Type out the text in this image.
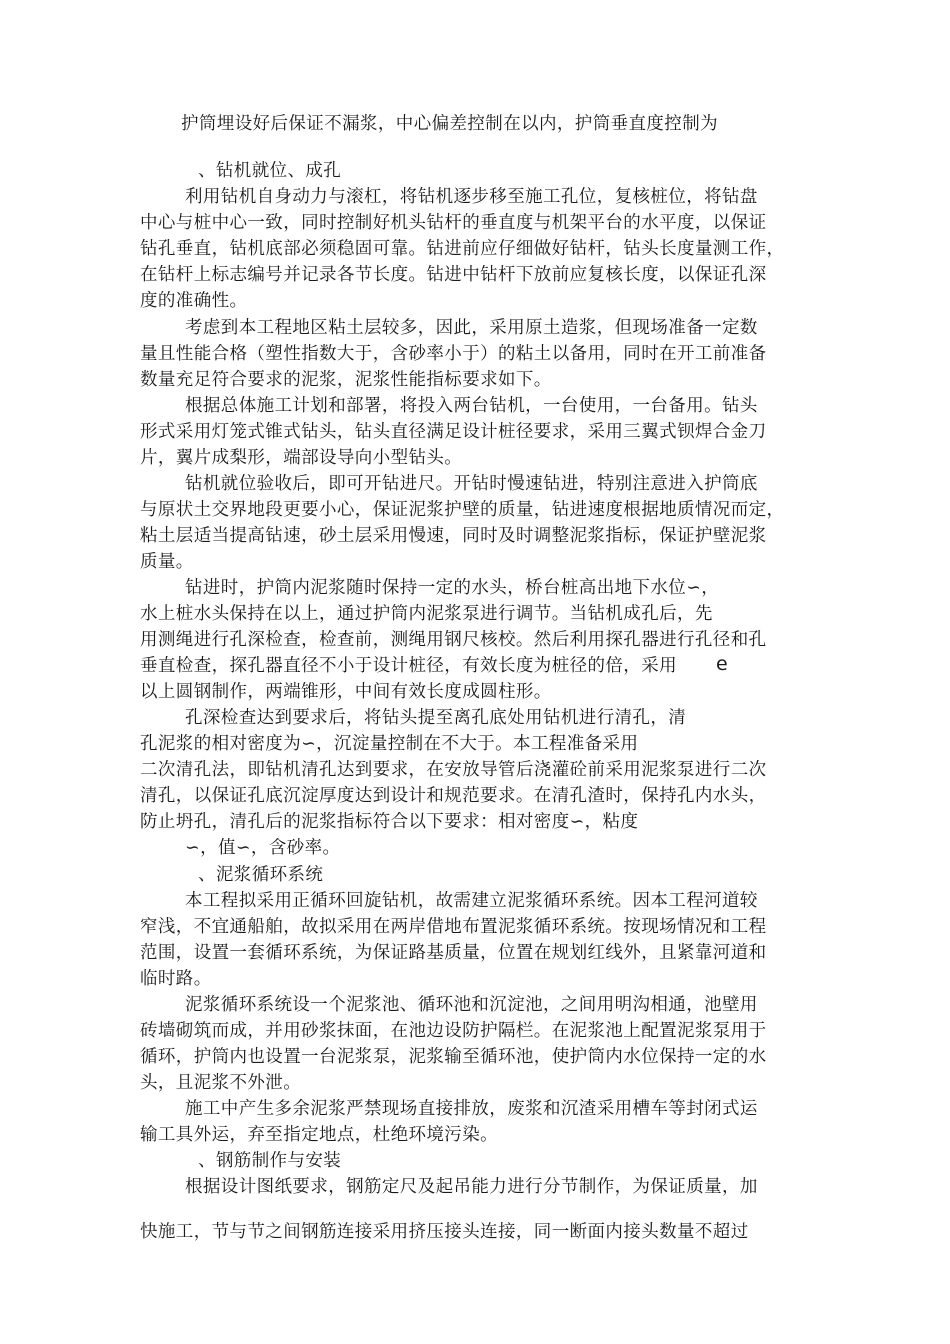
护筒埋设好后保证不漏浆，中心偏差控制在以内，护筒垂直度控制为
、钻机就位、成孔
利用钻机自身动力与滚杠，将钻机逐步移至施工孔位，复核桩位，将钻盘
中心与桩中心一致，同时控制好机头钻杆的垂直度与机架平台的水平度，以保证
钻孔垂直，钻机底部必须稳固可靠。钻进前应仔细做好钻杆，钻头长度量测工作，
在钻杆上标志编号并记录各节长度。钻进中钻杆下放前应复核长度，以保证孔深
度的准确性。
考虑到本工程地区粘土层较多，因此，采用原土造浆，但现场准备一定数
量且性能合格（塑性指数大于，含砂率小于）的粘土以备用，同时在开工前准备
数量充足符合要求的泥浆，泥浆性能指标要求如下。
根据总体施工计划和部署，将投入两台钻机，一台使用，一台备用。钻头
形式采用灯笼式锥式钻头，钻头直径满足设计桩径要求，采用三翼式钡焊合金刀
片，翼片成梨形，端部设导向小型钻头。
钻机就位验收后，即可开钻进尺。开钻时慢速钻进，特别注意进入护筒底
与原状土交界地段更要小心，保证泥浆护壁的质量，钻进速度根据地质情况而定，
粘土层适当提高钻速，砂土层采用慢速，同时及时调整泥浆指标，保证护壁泥浆
质量。
钻进时，护筒内泥浆随时保持一定的水头，桥台桩高出地下水位∽，
水上桩水头保持在以上，通过护筒内泥浆泵进行调节。当钻机成孔后，先
用测绳进行孔深检查，检查前，测绳用钢尺核校。然后利用探孔器进行孔径和孔
垂直检查，探孔器直径不小于设计桩径，有效长度为桩径的倍，采用 e
以上圆钢制作，两端锥形，中间有效长度成圆柱形。
孔深检查达到要求后，将钻头提至离孔底处用钻机进行清孔，清
孔泥浆的相对密度为∽，沉淀量控制在不大于。本工程准备采用
二次清孔法，即钻机清孔达到要求，在安放导管后浇灌砼前采用泥浆泵进行二次
清孔，以保证孔底沉淀厚度达到设计和规范要求。在清孔渣时，保持孔内水头，
防止坍孔，清孔后的泥浆指标符合以下要求：相对密度∽，粘度
∽，值∽，含砂率。
、泥浆循环系统
本工程拟采用正循环回旋钻机，故需建立泥浆循环系统。因本工程河道较
窄浅，不宜通船舶，故拟采用在两岸借地布置泥浆循环系统。按现场情况和工程
范围，设置一套循环系统，为保证路基质量，位置在规划红线外，且紧靠河道和
临时路。
泥浆循环系统设一个泥浆池、循环池和沉淀池，之间用明沟相通，池壁用
砖墙砌筑而成，并用砂浆抹面，在池边设防护隔栏。在泥浆池上配置泥浆泵用于
循环，护筒内也设置一台泥浆泵，泥浆输至循环池，使护筒内水位保持一定的水
头，且泥浆不外泄。
施工中产生多余泥浆严禁现场直接排放，废浆和沉渣采用槽车等封闭式运
输工具外运，弃至指定地点，杜绝环境污染。
、钢筋制作与安装
根据设计图纸要求，钢筋定尺及起吊能力进行分节制作，为保证质量，加
快施工，节与节之间钢筋连接采用挤压接头连接，同一断面内接头数量不超过
